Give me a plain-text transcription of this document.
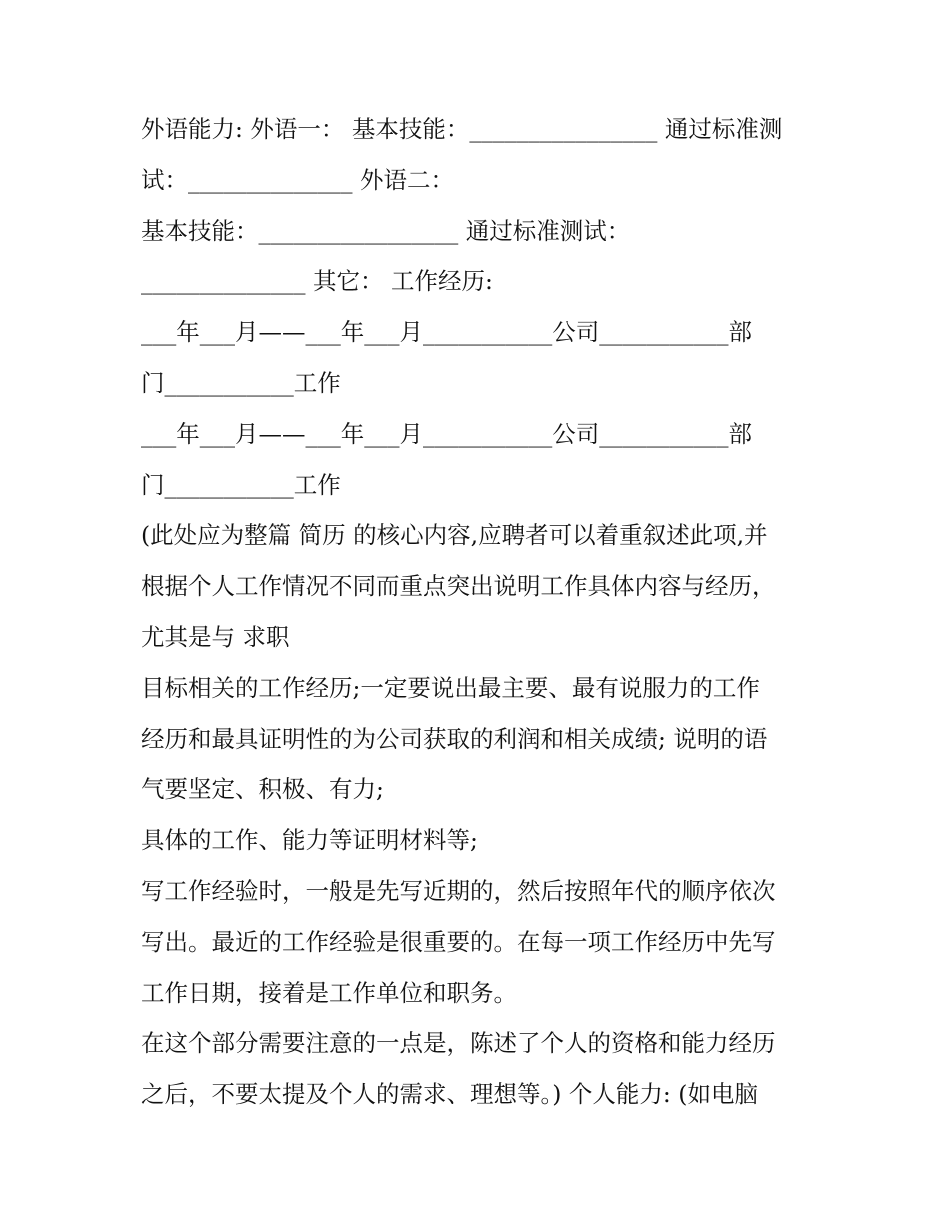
外语能力: 外语一： 基本技能：________________ 通过标准测
试：______________ 外语二：
基本技能：_________________ 通过标准测试：
______________ 其它： 工作经历:
___年___月——___年___月___________公司___________部
门___________工作
___年___月——___年___月___________公司___________部
门___________工作
(此处应为整篇 简历 的核心内容,应聘者可以着重叙述此项,并
根据个人工作情况不同而重点突出说明工作具体内容与经历，
尤其是与 求职
目标相关的工作经历;一定要说出最主要、最有说服力的工作
经历和最具证明性的为公司获取的利润和相关成绩; 说明的语
气要坚定、积极、有力;
具体的工作、能力等证明材料等;
写工作经验时，一般是先写近期的，然后按照年代的顺序依次
写出。最近的工作经验是很重要的。在每一项工作经历中先写
工作日期，接着是工作单位和职务。
在这个部分需要注意的一点是，陈述了个人的资格和能力经历
之后，不要太提及个人的需求、理想等。) 个人能力: (如电脑
